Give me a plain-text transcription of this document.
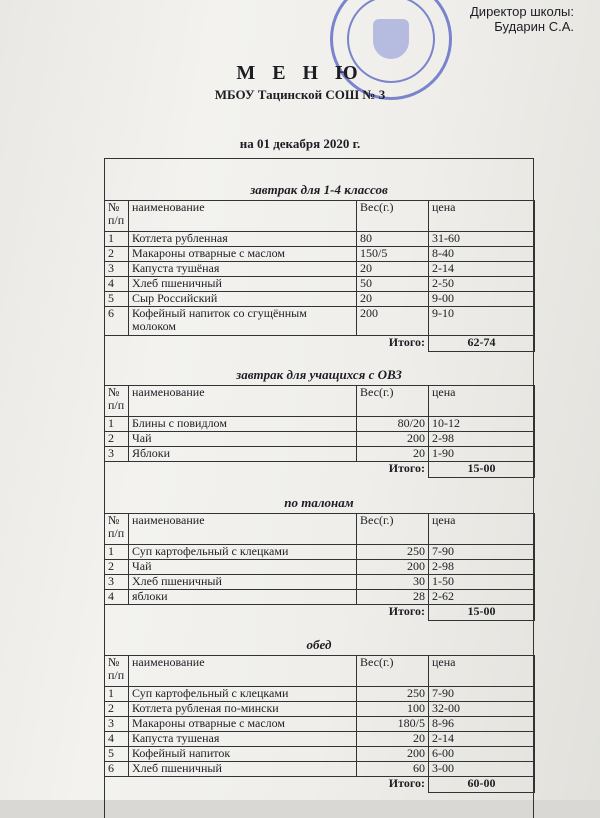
Директор школы:
Бударин С.А.
М Е Н Ю
МБОУ Тацинской СОШ № 3
на 01 декабря 2020 г.
завтрак для 1-4 классов
№ п/п	наименование	Вес(г.)	цена
1	Котлета рубленная	80	31-60
2	Макароны отварные с маслом	150/5	8-40
3	Капуста тушёная	20	2-14
4	Хлеб пшеничный	50	2-50
5	Сыр Российский	20	9-00
6	Кофейный напиток со сгущённым молоком	200	9-10
Итого:			62-74
завтрак для учащихся с ОВЗ
№ п/п	наименование	Вес(г.)	цена
1	Блины с повидлом	80/20	10-12
2	Чай	200	2-98
3	Яблоки	20	1-90
Итого:			15-00
по талонам
№ п/п	наименование	Вес(г.)	цена
1	Суп картофельный с клецками	250	7-90
2	Чай	200	2-98
3	Хлеб пшеничный	30	1-50
4	яблоки	28	2-62
Итого:			15-00
обед
№ п/п	наименование	Вес(г.)	цена
1	Суп картофельный с клецками	250	7-90
2	Котлета рубленая по-мински	100	32-00
3	Макароны отварные с маслом	180/5	8-96
4	Капуста тушеная	20	2-14
5	Кофейный напиток	200	6-00
6	Хлеб пшеничный	60	3-00
Итого:			60-00
